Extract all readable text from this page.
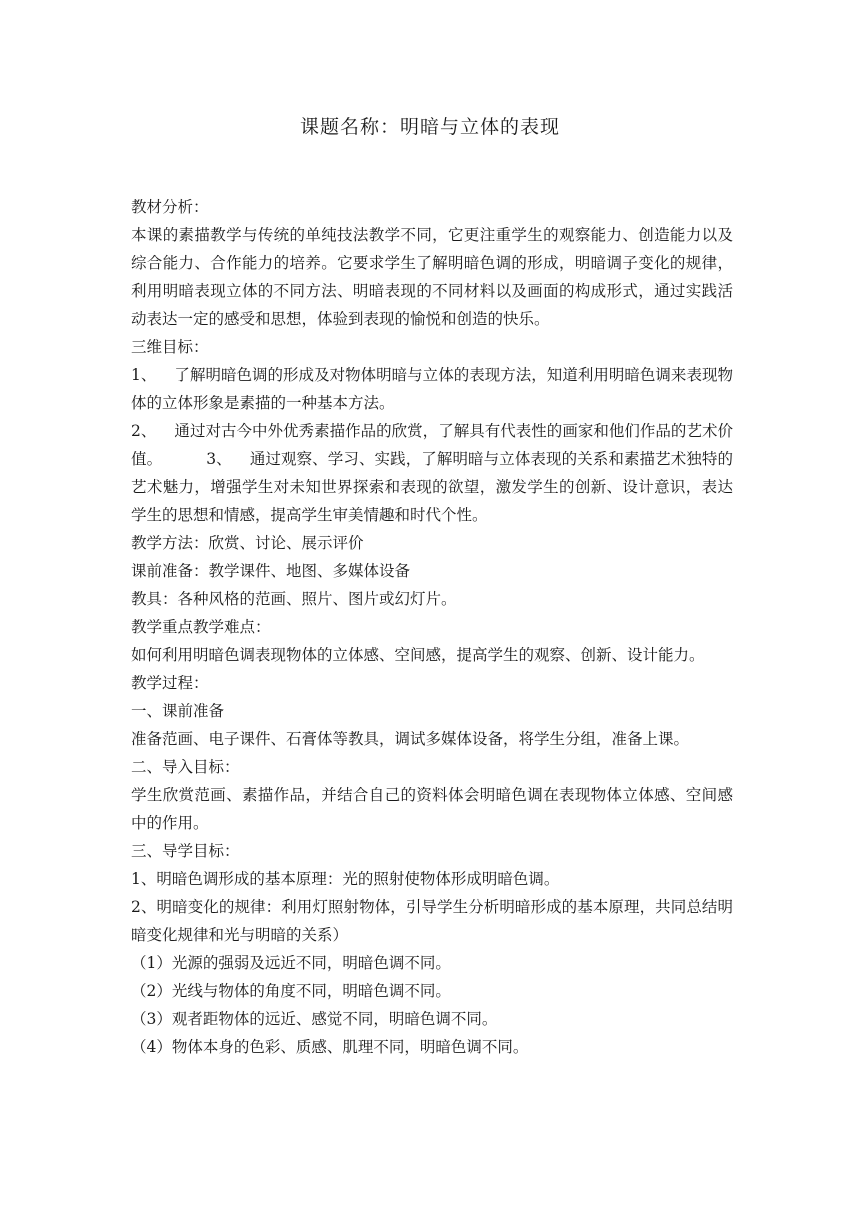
课题名称：明暗与立体的表现

教材分析：

本课的素描教学与传统的单纯技法教学不同，它更注重学生的观察能力、创造能力以及综合能力、合作能力的培养。它要求学生了解明暗色调的形成，明暗调子变化的规律，利用明暗表现立体的不同方法、明暗表现的不同材料以及画面的构成形式，通过实践活动表达一定的感受和思想，体验到表现的愉悦和创造的快乐。

三维目标：

1、 了解明暗色调的形成及对物体明暗与立体的表现方法，知道利用明暗色调来表现物体的立体形象是素描的一种基本方法。

2、 通过对古今中外优秀素描作品的欣赏，了解具有代表性的画家和他们作品的艺术价值。	3、 通过观察、学习、实践，了解明暗与立体表现的关系和素描艺术独特的艺术魅力，增强学生对未知世界探索和表现的欲望，激发学生的创新、设计意识，表达学生的思想和情感，提高学生审美情趣和时代个性。

教学方法：欣赏、讨论、展示评价

课前准备：教学课件、地图、多媒体设备

教具：各种风格的范画、照片、图片或幻灯片。

教学重点教学难点：

如何利用明暗色调表现物体的立体感、空间感，提高学生的观察、创新、设计能力。

教学过程：

一、课前准备

准备范画、电子课件、石膏体等教具，调试多媒体设备，将学生分组，准备上课。

二、导入目标：

学生欣赏范画、素描作品，并结合自己的资料体会明暗色调在表现物体立体感、空间感中的作用。

三、导学目标：

1、明暗色调形成的基本原理：光的照射使物体形成明暗色调。

2、明暗变化的规律：利用灯照射物体，引导学生分析明暗形成的基本原理，共同总结明暗变化规律和光与明暗的关系）

（1）光源的强弱及远近不同，明暗色调不同。

（2）光线与物体的角度不同，明暗色调不同。

（3）观者距物体的远近、感觉不同，明暗色调不同。

（4）物体本身的色彩、质感、肌理不同，明暗色调不同。
